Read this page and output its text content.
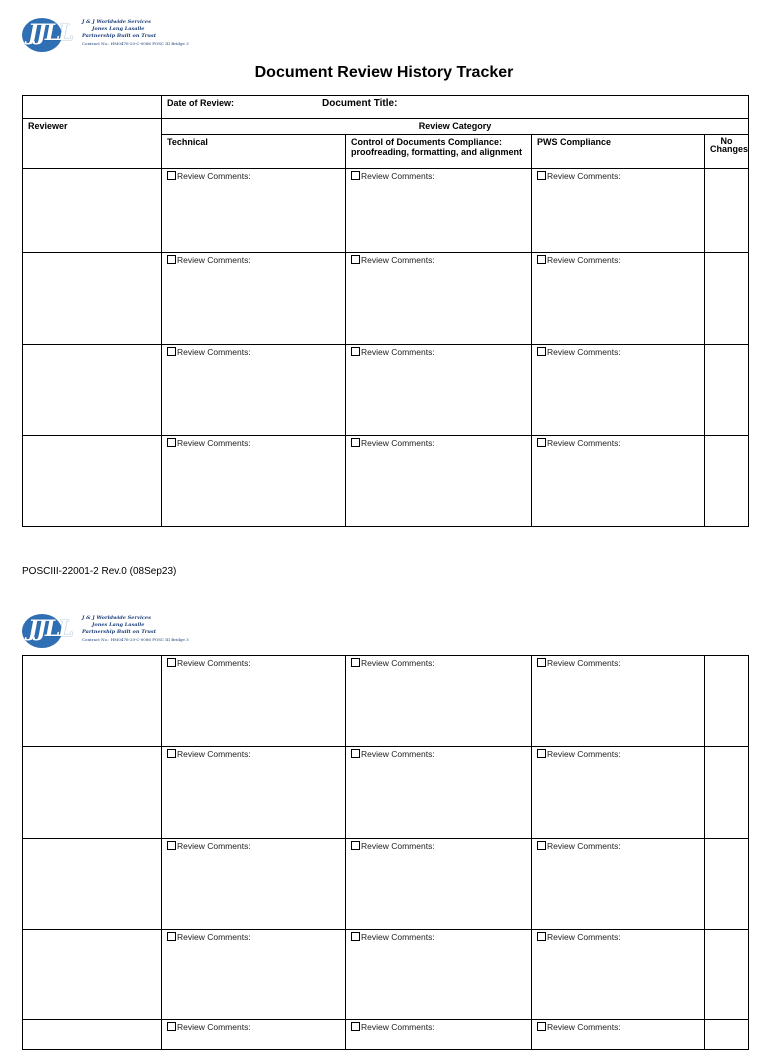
JJLL	J & J Worldwide Services
Jones Lang Lasalle
Partnership Built on Trust
Contract No.: HM0476-20-C-0086 POSC III Bridge 3
Document Review History Tracker
	Date of Review: Document Title:			
Reviewer	Review Category			
	Technical	Control of Documents Compliance: proofreading, formatting, and alignment	PWS Compliance	No Changes

	Review Comments:	Review Comments:	Review Comments:	

	Review Comments:	Review Comments:	Review Comments:	

	Review Comments:	Review Comments:	Review Comments:	

	Review Comments:	Review Comments:	Review Comments:	

POSCIII-22001-2 Rev.0 (08Sep23)
JJLL	J & J Worldwide Services
Jones Lang Lasalle
Partnership Built on Trust
Contract No.: HM0476-20-C-0086 POSC III Bridge 3

	Review Comments:	Review Comments:	Review Comments:	

	Review Comments:	Review Comments:	Review Comments:	

	Review Comments:	Review Comments:	Review Comments:	

	Review Comments:	Review Comments:	Review Comments:	

	Review Comments:	Review Comments:	Review Comments:	
